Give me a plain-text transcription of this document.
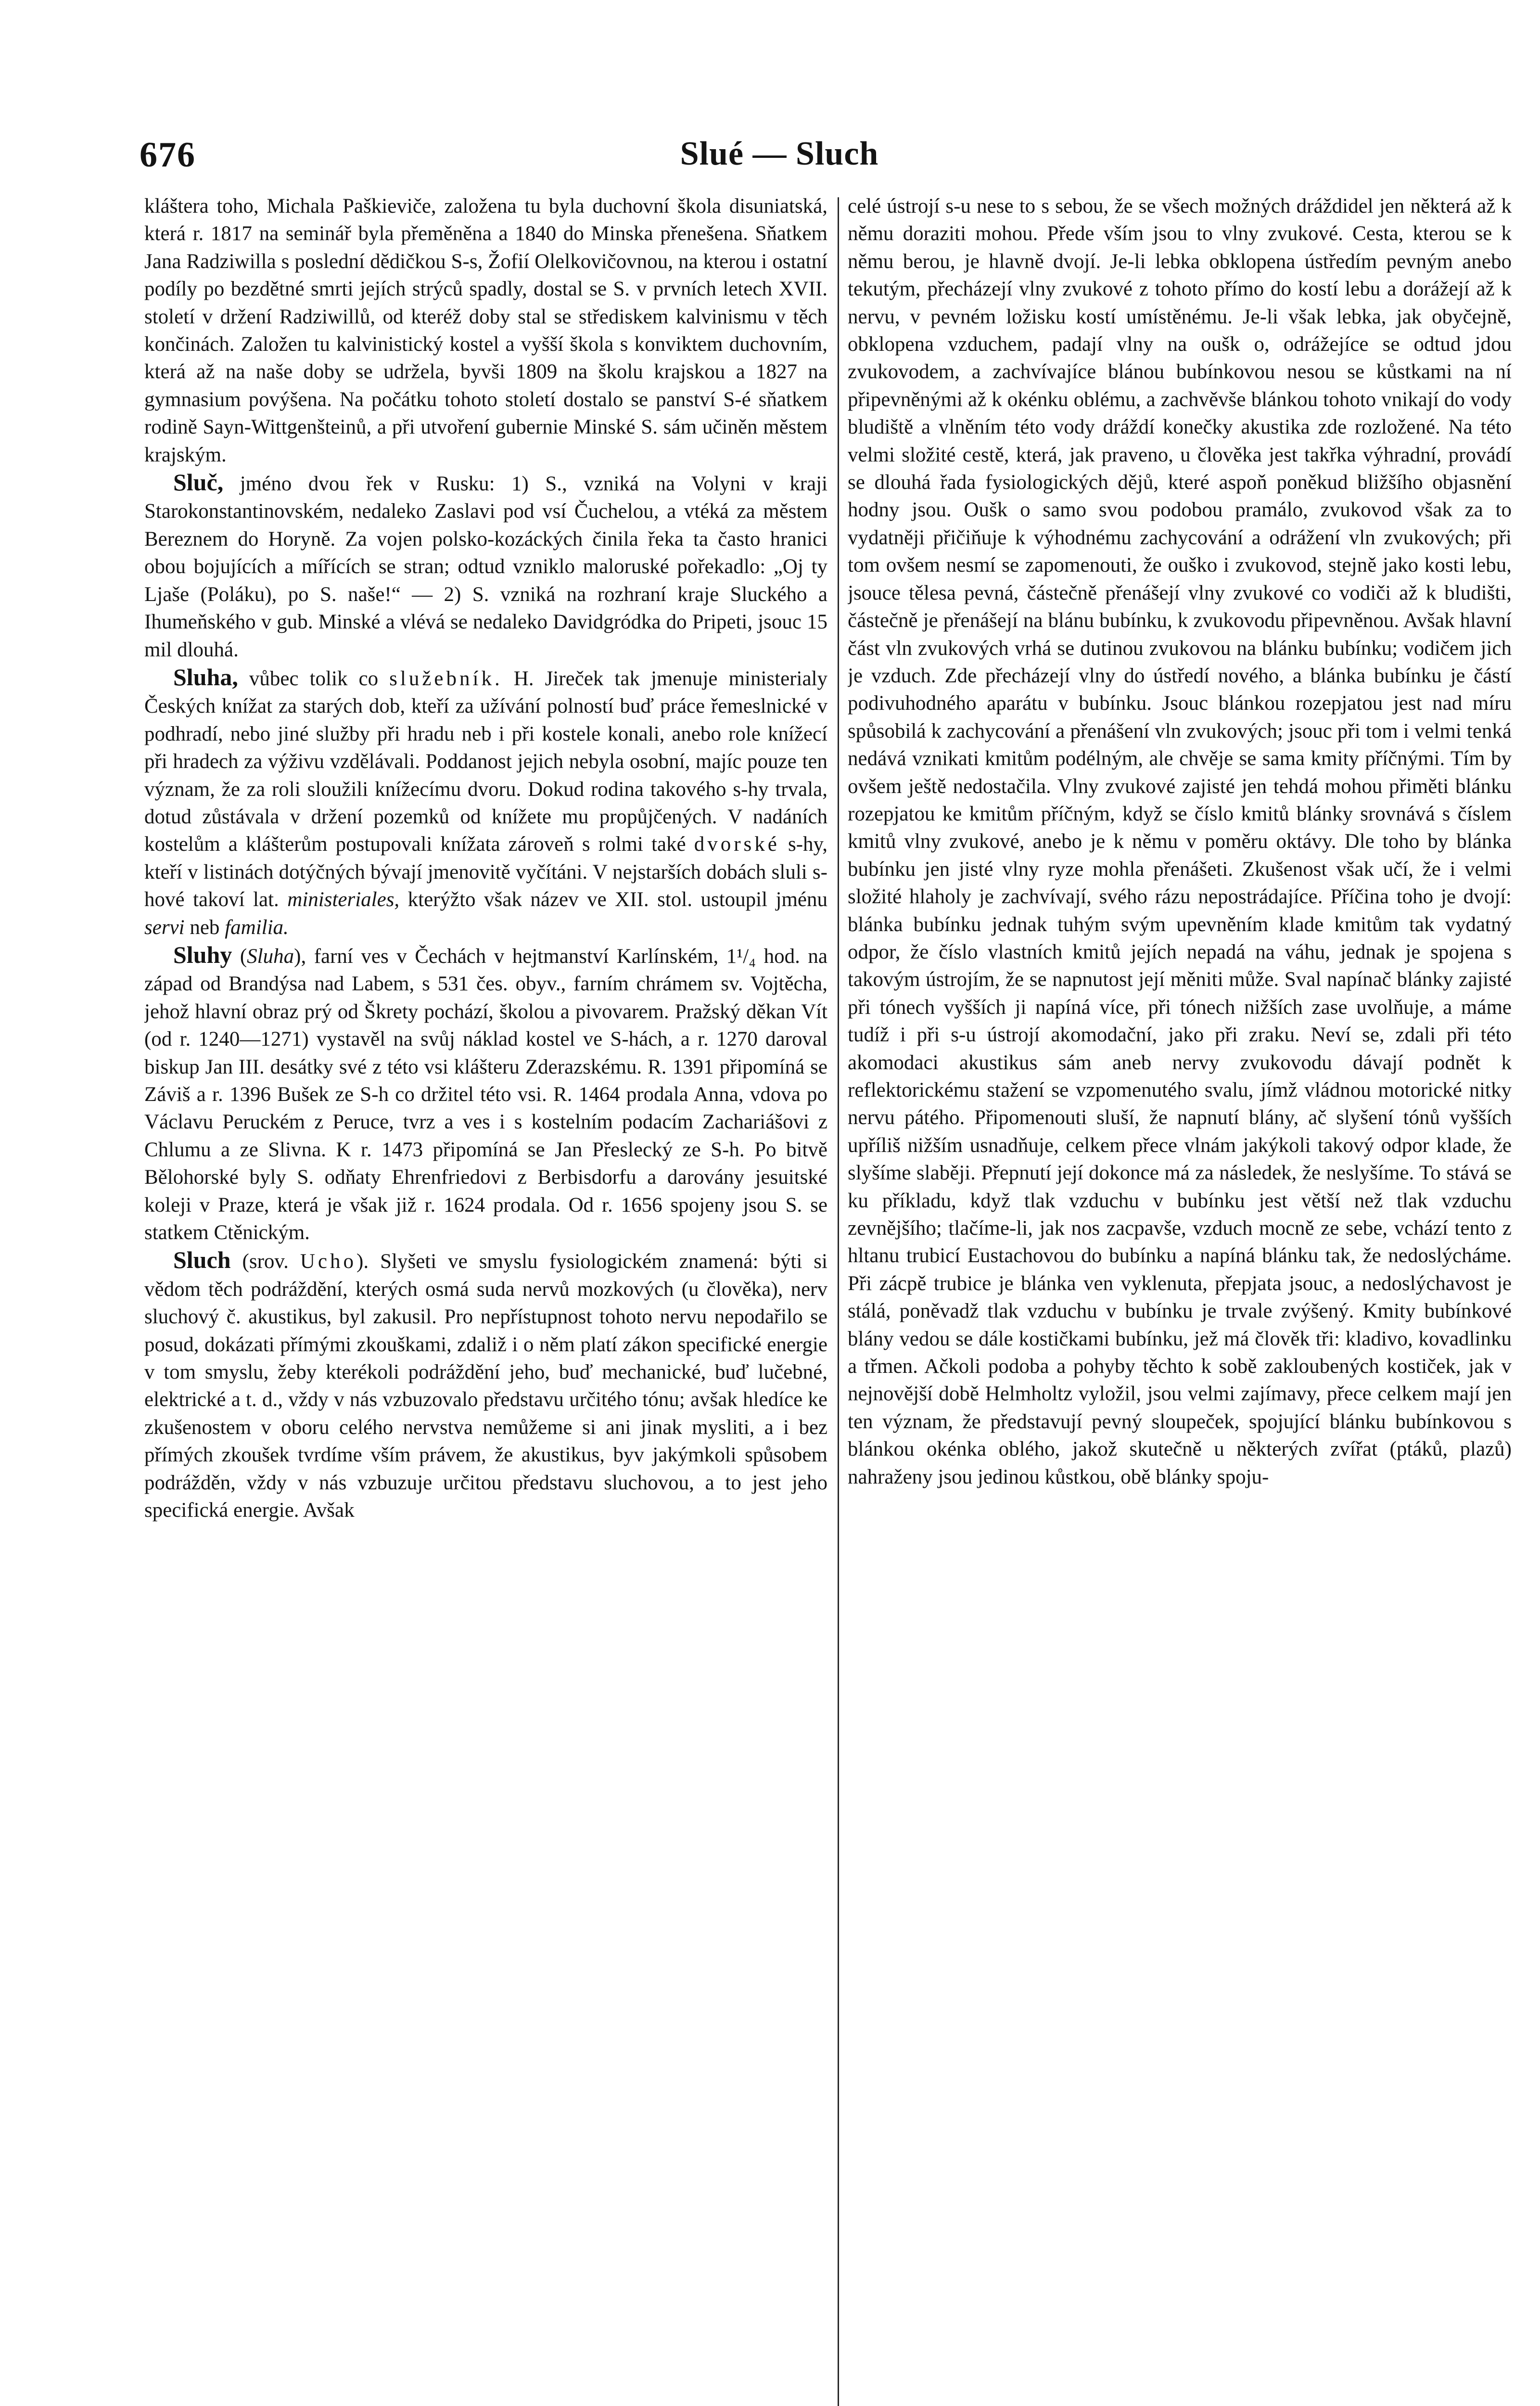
676	Slué — Sluch

kláštera toho, Michala Paškieviče, založena tu byla duchovní škola disuniatská, která r. 1817 na seminář byla přeměněna a 1840 do Minska přenešena. Sňatkem Jana Radziwilla s poslední dědičkou S-s, Žofií Olelkovičovnou, na kterou i ostatní podíly po bezdětné smrti jejích strýců spadly, dostal se S. v prvních letech XVII. století v držení Radziwillů, od kteréž doby stal se střediskem kalvinismu v těch končinách. Založen tu kalvinistický kostel a vyšší škola s konviktem duchovním, která až na naše doby se udržela, byvši 1809 na školu krajskou a 1827 na gymnasium povýšena. Na počátku tohoto století dostalo se panství S-é sňatkem rodině Sayn-Wittgenšteinů, a při utvoření gubernie Minské S. sám učiněn městem krajským.

Sluč, jméno dvou řek v Rusku: 1) S., vzniká na Volyni v kraji Starokonstantinovském, nedaleko Zaslavi pod vsí Čuchelou, a vtéká za městem Bereznem do Horyně. Za vojen polsko-kozáckých činila řeka ta často hranici obou bojujících a mířících se stran; odtud vzniklo maloruské pořekadlo: „Oj ty Ljaše (Poláku), po S. naše!“ — 2) S. vzniká na rozhraní kraje Sluckého a Ihumeňského v gub. Minské a vlévá se nedaleko Davidgródka do Pripeti, jsouc 15 mil dlouhá.

Sluha, vůbec tolik co služebník. H. Jireček tak jmenuje ministerialy Českých knížat za starých dob, kteří za užívání polností buď práce řemeslnické v podhradí, nebo jiné služby při hradu neb i při kostele konali, anebo role knížecí při hradech za výživu vzdělávali. Poddanost jejich nebyla osobní, majíc pouze ten význam, že za roli sloužili knížecímu dvoru. Dokud rodina takového s-hy trvala, dotud zůstávala v držení pozemků od knížete mu propůjčených. V nadáních kostelům a klášterům postupovali knížata zároveň s rolmi také dvorské s-hy, kteří v listinách dotýčných bývají jmenovitě vyčítáni. V nejstarších dobách sluli s-hové takoví lat. ministeriales, kterýžto však název ve XII. stol. ustoupil jménu servi neb familia.

Sluhy (Sluha), farní ves v Čechách v hejtmanství Karlínském, 1¹/₄ hod. na západ od Brandýsa nad Labem, s 531 čes. obyv., farním chrámem sv. Vojtěcha, jehož hlavní obraz prý od Škrety pochází, školou a pivovarem. Pražský děkan Vít (od r. 1240—1271) vystavěl na svůj náklad kostel ve S-hách, a r. 1270 daroval biskup Jan III. desátky své z této vsi klášteru Zderazskému. R. 1391 připomíná se Záviš a r. 1396 Bušek ze S-h co držitel této vsi. R. 1464 prodala Anna, vdova po Václavu Peruckém z Peruce, tvrz a ves i s kostelním podacím Zachariášovi z Chlumu a ze Slivna. K r. 1473 připomíná se Jan Přeslecký ze S-h. Po bitvě Bělohorské byly S. odňaty Ehrenfriedovi z Berbisdorfu a darovány jesuitské koleji v Praze, která je však již r. 1624 prodala. Od r. 1656 spojeny jsou S. se statkem Ctěnickým.

Sluch (srov. Ucho). Slyšeti ve smyslu fysiologickém znamená: býti si vědom těch podráždění, kterých osmá suda nervů mozkových (u člověka), nerv sluchový č. akustikus, byl zakusil. Pro nepřístupnost tohoto nervu nepodařilo se posud, dokázati přímými zkouškami, zdaliž i o něm platí zákon specifické energie v tom smyslu, žeby kterékoli podráždění jeho, buď mechanické, buď lučebné, elektrické a t. d., vždy v nás vzbuzovalo představu určitého tónu; avšak hledíce ke zkušenostem v oboru celého nervstva nemůžeme si ani jinak mysliti, a i bez přímých zkoušek tvrdíme vším právem, že akustikus, byv jakýmkoli spůsobem podrážděn, vždy v nás vzbuzuje určitou představu sluchovou, a to jest jeho specifická energie. Avšak

celé ústrojí s-u nese to s sebou, že se všech možných dráždidel jen některá až k němu doraziti mohou. Přede vším jsou to vlny zvukové. Cesta, kterou se k němu berou, je hlavně dvojí. Je-li lebka obklopena ústředím pevným anebo tekutým, přecházejí vlny zvukové z tohoto přímo do kostí lebu a dorážejí až k nervu, v pevném ložisku kostí umístěnému. Je-li však lebka, jak obyčejně, obklopena vzduchem, padají vlny na oušk o, odrážejíce se odtud jdou zvukovodem, a zachvívajíce blánou bubínkovou nesou se kůstkami na ní připevněnými až k okénku oblému, a zachvěvše blánkou tohoto vnikají do vody bludiště a vlněním této vody dráždí konečky akustika zde rozložené. Na této velmi složité cestě, která, jak praveno, u člověka jest takřka výhradní, provádí se dlouhá řada fysiologických dějů, které aspoň poněkud bližšího objasnění hodny jsou. Oušk o samo svou podobou pramálo, zvukovod však za to vydatněji přičiňuje k výhodnému zachycování a odrážení vln zvukových; při tom ovšem nesmí se zapomenouti, že ouško i zvukovod, stejně jako kosti lebu, jsouce tělesa pevná, částečně přenášejí vlny zvukové co vodiči až k bludišti, částečně je přenášejí na blánu bubínku, k zvukovodu připevněnou. Avšak hlavní část vln zvukových vrhá se dutinou zvukovou na blánku bubínku; vodičem jich je vzduch. Zde přecházejí vlny do ústředí nového, a blánka bubínku je částí podivuhodného aparátu v bubínku. Jsouc blánkou rozepjatou jest nad míru spůsobilá k zachycování a přenášení vln zvukových; jsouc při tom i velmi tenká nedává vznikati kmitům podélným, ale chvěje se sama kmity příčnými. Tím by ovšem ještě nedostačila. Vlny zvukové zajisté jen tehdá mohou přiměti blánku rozepjatou ke kmitům příčným, když se číslo kmitů blánky srovnává s číslem kmitů vlny zvukové, anebo je k němu v poměru oktávy. Dle toho by blánka bubínku jen jisté vlny ryze mohla přenášeti. Zkušenost však učí, že i velmi složité hlaholy je zachvívají, svého rázu nepostrádajíce. Příčina toho je dvojí: blánka bubínku jednak tuhým svým upevněním klade kmitům tak vydatný odpor, že číslo vlastních kmitů jejích nepadá na váhu, jednak je spojena s takovým ústrojím, že se napnutost její měniti může. Sval napínač blánky zajisté při tónech vyšších ji napíná více, při tónech nižších zase uvolňuje, a máme tudíž i při s-u ústrojí akomodační, jako při zraku. Neví se, zdali při této akomodaci akustikus sám aneb nervy zvukovodu dávají podnět k reflektorickému stažení se vzpomenutého svalu, jímž vládnou motorické nitky nervu pátého. Připomenouti sluší, že napnutí blány, ač slyšení tónů vyšších upříliš nižším usnadňuje, celkem přece vlnám jakýkoli takový odpor klade, že slyšíme slaběji. Přepnutí její dokonce má za následek, že neslyšíme. To stává se ku příkladu, když tlak vzduchu v bubínku jest větší než tlak vzduchu zevnějšího; tlačíme-li, jak nos zacpavše, vzduch mocně ze sebe, vchází tento z hltanu trubicí Eustachovou do bubínku a napíná blánku tak, že nedoslýcháme. Při zácpě trubice je blánka ven vyklenuta, přepjata jsouc, a nedoslýchavost je stálá, poněvadž tlak vzduchu v bubínku je trvale zvýšený. Kmity bubínkové blány vedou se dále kostičkami bubínku, jež má člověk tři: kladivo, kovadlinku a třmen. Ačkoli podoba a pohyby těchto k sobě zakloubených kostiček, jak v nejnovější době Helmholtz vyložil, jsou velmi zajímavy, přece celkem mají jen ten význam, že představují pevný sloupeček, spojující blánku bubínkovou s blánkou okénka oblého, jakož skutečně u některých zvířat (ptáků, plazů) nahraženy jsou jedinou kůstkou, obě blánky spoju-
